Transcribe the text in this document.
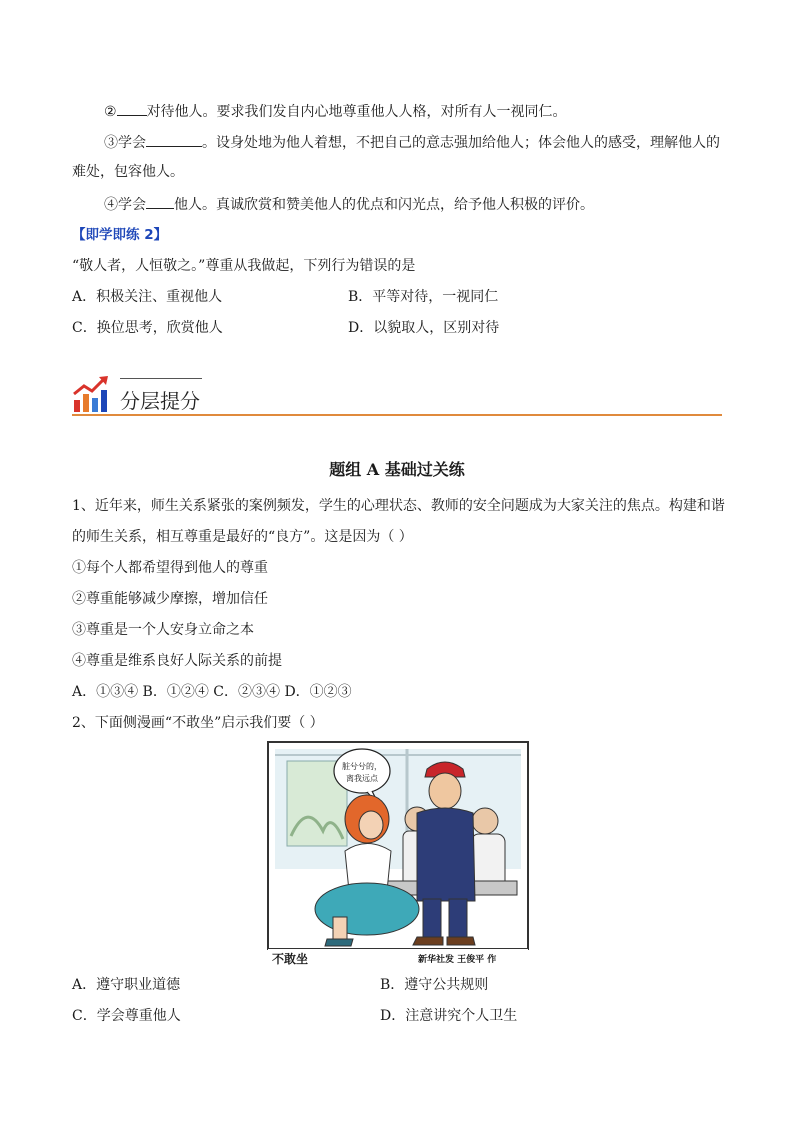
② 对待他人。要求我们发自内心地尊重他人人格，对所有人一视同仁。
③学会	。设身处地为他人着想，不把自己的意志强加给他人；体会他人的感受，理解他人的
难处，包容他人。
④学会 他人。真诚欣赏和赞美他人的优点和闪光点，给予他人积极的评价。
【即学即练 2】
“敬人者，人恒敬之。”尊重从我做起，下列行为错误的是
A．积极关注、重视他人	B．平等对待，一视同仁
C．换位思考，欣赏他人	D．以貌取人，区别对待
分层提分
题组 A 基础过关练
1、近年来，师生关系紧张的案例频发，学生的心理状态、教师的安全问题成为大家关注的焦点。构建和谐
的师生关系，相互尊重是最好的“良方”。这是因为（ ）
①每个人都希望得到他人的尊重
②尊重能够减少摩擦，增加信任
③尊重是一个人安身立命之本
④尊重是维系良好人际关系的前提
A．①③④ B．①②④ C．②③④ D．①②③
2、下面侧漫画“不敢坐”启示我们要（ ）
脏兮兮的，
离我远点
不敢坐	新华社发 王俊平 作
A．遵守职业道德	B．遵守公共规则
C．学会尊重他人	D．注意讲究个人卫生
